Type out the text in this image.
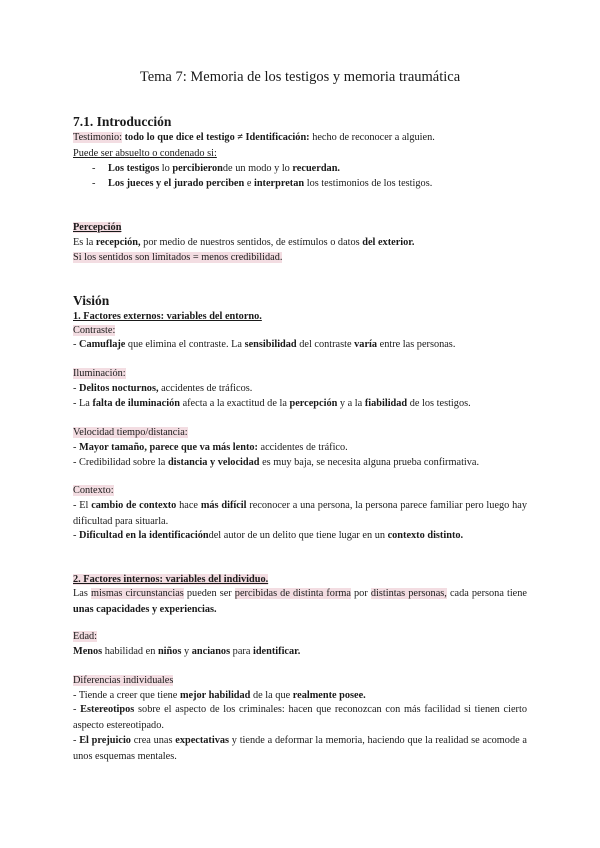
Tema 7: Memoria de los testigos y memoria traumática
7.1. Introducción
Testimonio: todo lo que dice el testigo ≠ Identificación: hecho de reconocer a alguien.
Puede ser absuelto o condenado si:
- Los testigos lo percibieronde un modo y lo recuerdan.
- Los jueces y el jurado perciben e interpretan los testimonios de los testigos.
Percepción
Es la recepción, por medio de nuestros sentidos, de estímulos o datos del exterior.
Si los sentidos son limitados = menos credibilidad.
Visión
1. Factores externos: variables del entorno.
Contraste:
- Camuflaje que elimina el contraste. La sensibilidad del contraste varía entre las personas.
Iluminación:
- Delitos nocturnos, accidentes de tráficos.
- La falta de iluminación afecta a la exactitud de la percepción y a la fiabilidad de los testigos.
Velocidad tiempo/distancia:
- Mayor tamaño, parece que va más lento: accidentes de tráfico.
- Credibilidad sobre la distancia y velocidad es muy baja, se necesita alguna prueba confirmativa.
Contexto:
- El cambio de contexto hace más difícil reconocer a una persona, la persona parece familiar pero luego hay dificultad para situarla.
- Dificultad en la identificacióndel autor de un delito que tiene lugar en un contexto distinto.
2. Factores internos: variables del individuo.
Las mismas circunstancias pueden ser percibidas de distinta forma por distintas personas, cada persona tiene unas capacidades y experiencias.
Edad:
Menos habilidad en niños y ancianos para identificar.
Diferencias individuales
- Tiende a creer que tiene mejor habilidad de la que realmente posee.
- Estereotipos sobre el aspecto de los criminales: hacen que reconozcan con más facilidad si tienen cierto aspecto estereotipado.
- El prejuicio crea unas expectativas y tiende a deformar la memoria, haciendo que la realidad se acomode a unos esquemas mentales.
